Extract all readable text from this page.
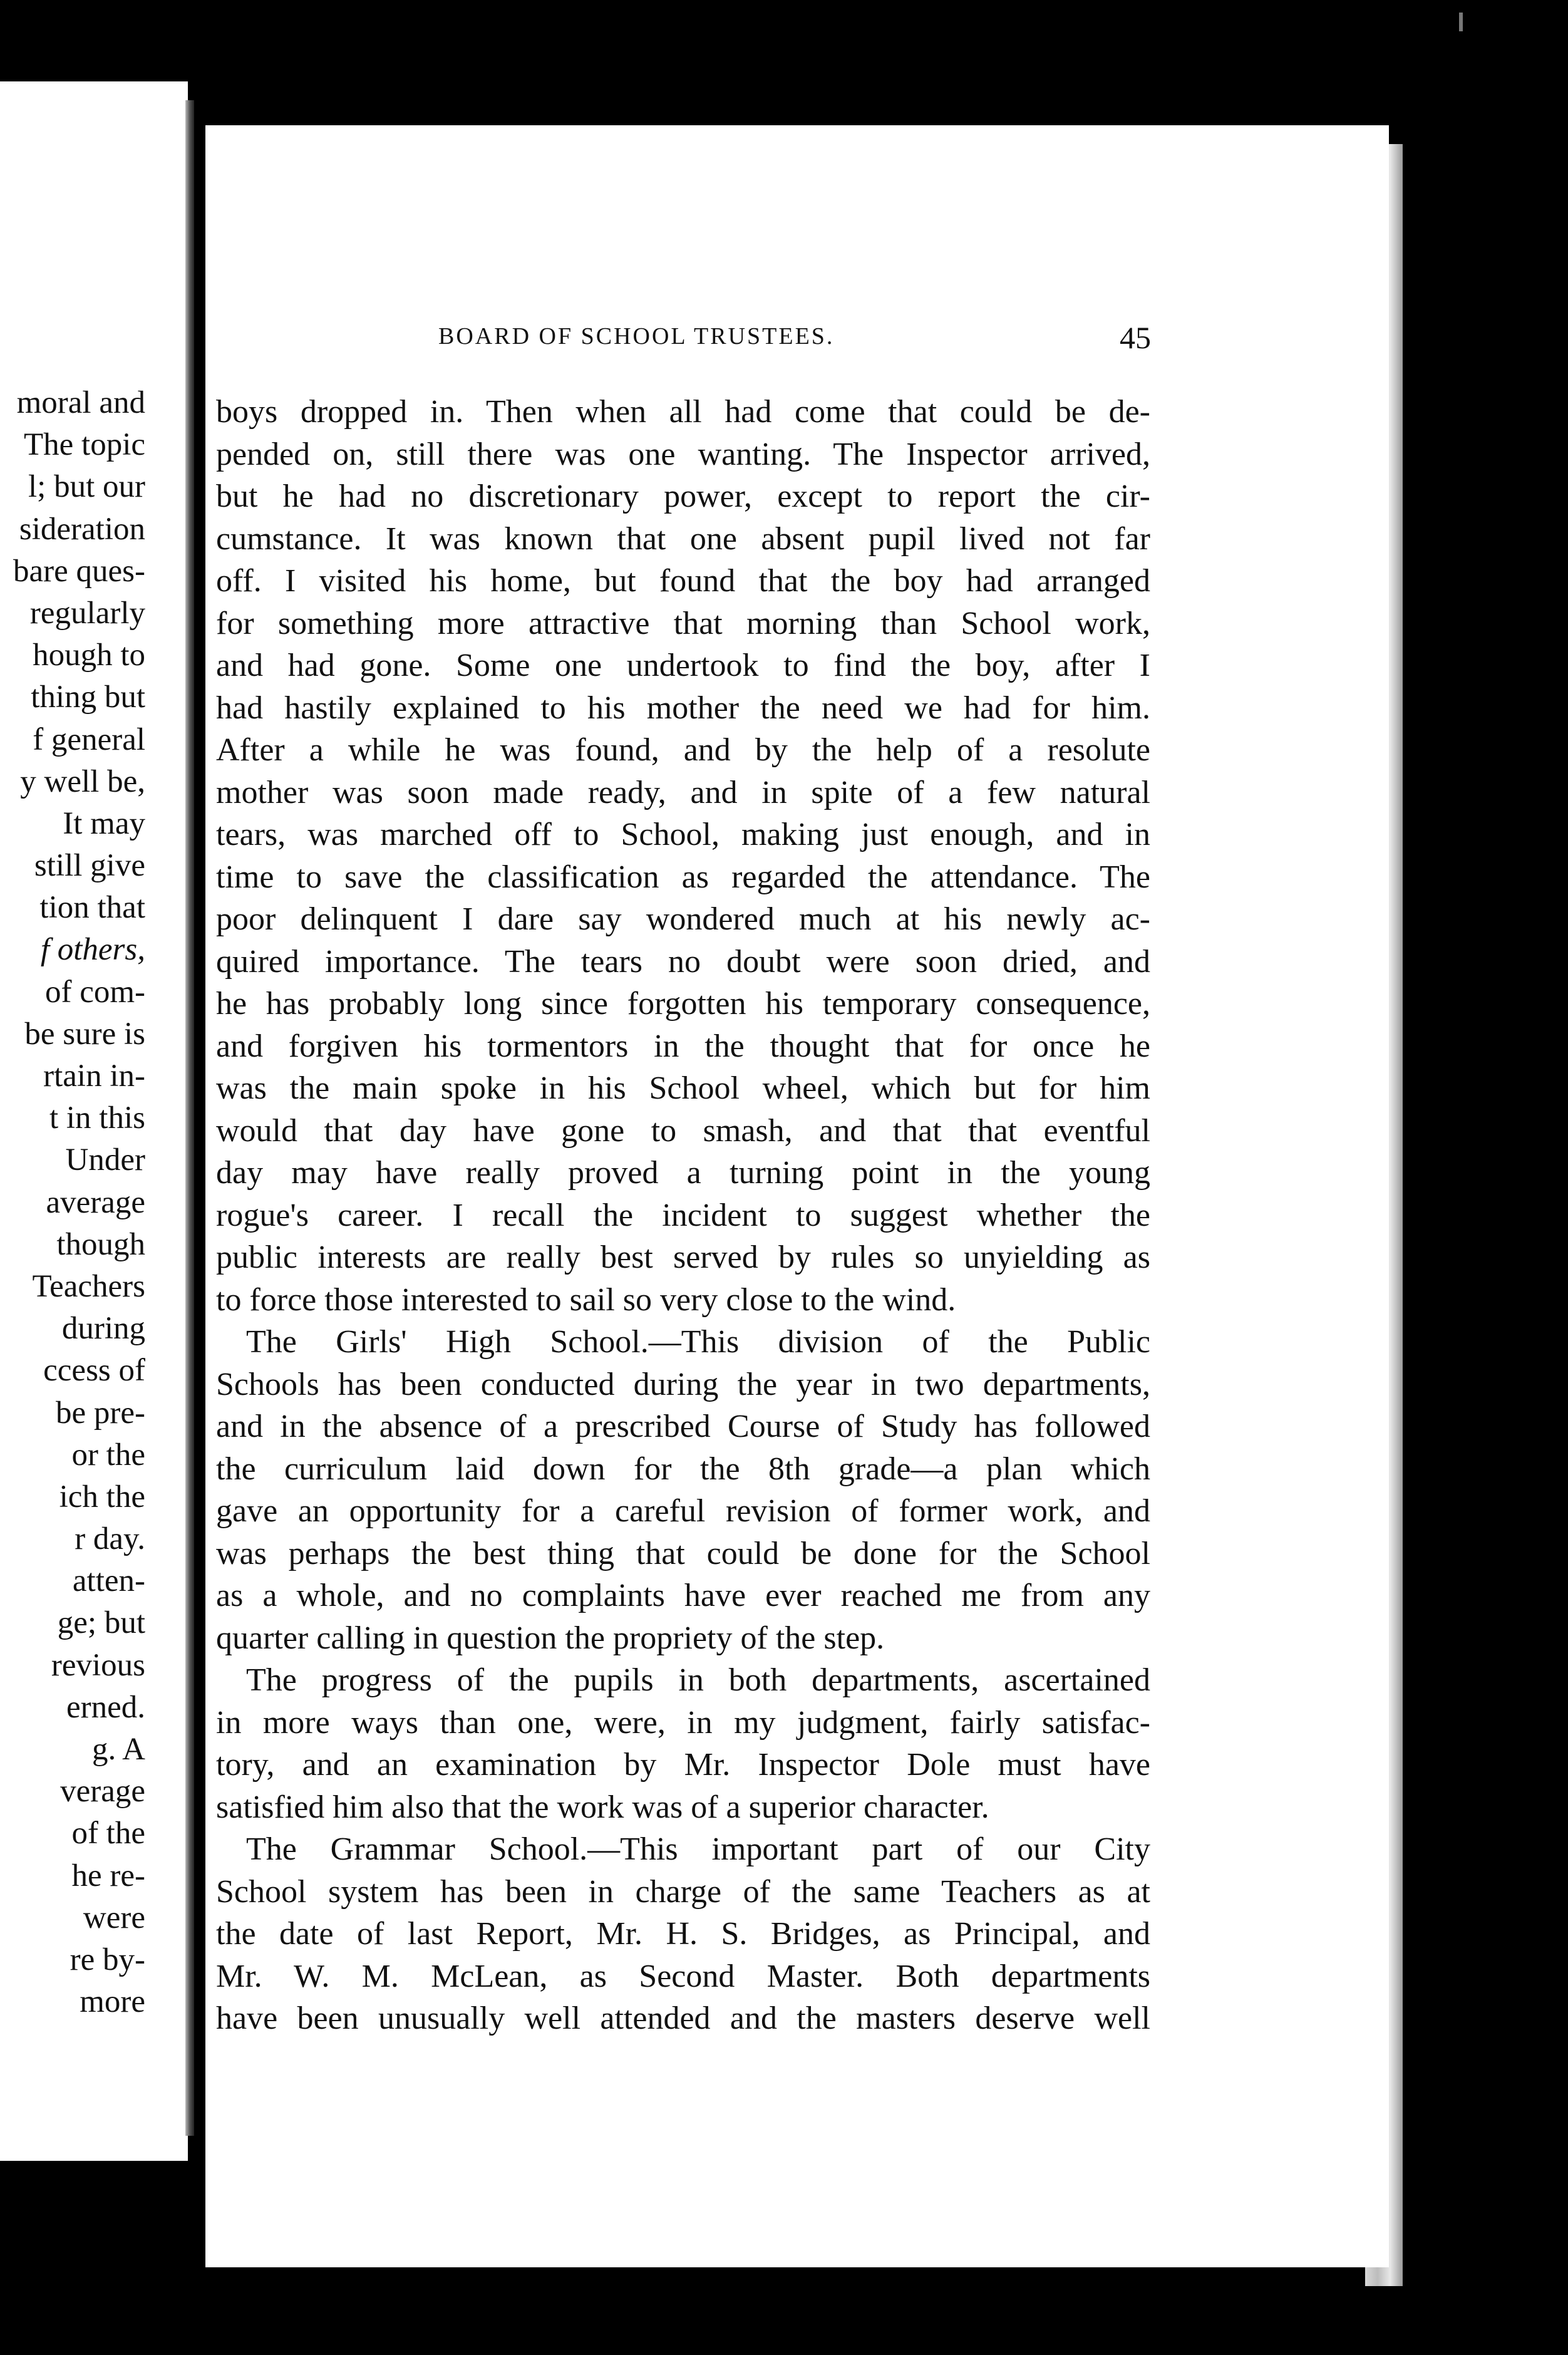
moral and
The topic
l; but our
sideration
bare ques-
regularly
hough to
thing but
f general
y well be,
It may
still give
tion that
f others,
of com-
be sure is
rtain in-
t in this
Under
average
though
Teachers
during
ccess of
be pre-
or the
ich the
r day.
atten-
ge; but
revious
erned.
g. A
verage
of the
he re-
were
re by-
more
BOARD OF SCHOOL TRUSTEES.	45
boys dropped in. Then when all had come that could be de-
pended on, still there was one wanting. The Inspector arrived,
but he had no discretionary power, except to report the cir-
cumstance. It was known that one absent pupil lived not far
off. I visited his home, but found that the boy had arranged
for something more attractive that morning than School work,
and had gone. Some one undertook to find the boy, after I
had hastily explained to his mother the need we had for him.
After a while he was found, and by the help of a resolute
mother was soon made ready, and in spite of a few natural
tears, was marched off to School, making just enough, and in
time to save the classification as regarded the attendance. The
poor delinquent I dare say wondered much at his newly ac-
quired importance. The tears no doubt were soon dried, and
he has probably long since forgotten his temporary consequence,
and forgiven his tormentors in the thought that for once he
was the main spoke in his School wheel, which but for him
would that day have gone to smash, and that that eventful
day may have really proved a turning point in the young
rogue's career. I recall the incident to suggest whether the
public interests are really best served by rules so unyielding as
to force those interested to sail so very close to the wind.
The Girls' High School.—This division of the Public
Schools has been conducted during the year in two departments,
and in the absence of a prescribed Course of Study has followed
the curriculum laid down for the 8th grade—a plan which
gave an opportunity for a careful revision of former work, and
was perhaps the best thing that could be done for the School
as a whole, and no complaints have ever reached me from any
quarter calling in question the propriety of the step.
The progress of the pupils in both departments, ascertained
in more ways than one, were, in my judgment, fairly satisfac-
tory, and an examination by Mr. Inspector Dole must have
satisfied him also that the work was of a superior character.
The Grammar School.—This important part of our City
School system has been in charge of the same Teachers as at
the date of last Report, Mr. H. S. Bridges, as Principal, and
Mr. W. M. McLean, as Second Master. Both departments
have been unusually well attended and the masters deserve well
